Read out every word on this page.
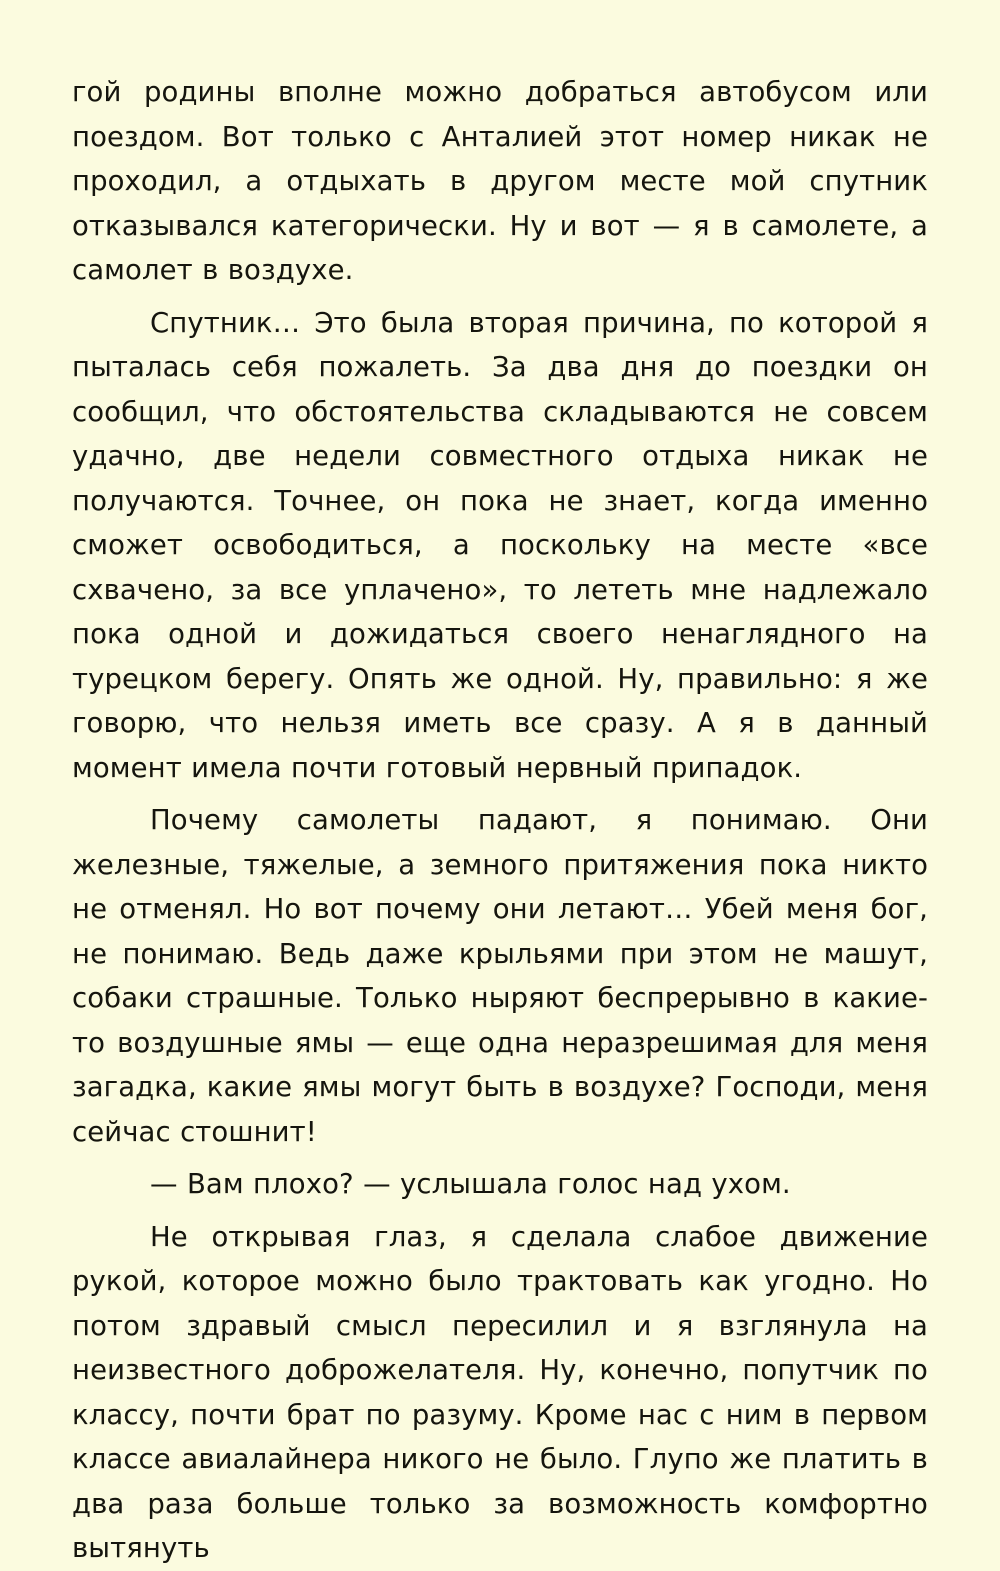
гой родины вполне можно добраться автобусом или поездом. Вот только с Анталией этот номер никак не проходил, а отдыхать в другом месте мой спутник отказывался категорически. Ну и вот — я в самолете, а самолет в воздухе.

Спутник… Это была вторая причина, по которой я пыталась себя пожалеть. За два дня до поездки он сообщил, что обстоятельства складываются не совсем удачно, две недели совместного отдыха никак не получаются. Точнее, он пока не знает, когда именно сможет освободиться, а поскольку на месте «все схвачено, за все уплачено», то лететь мне надлежало пока одной и дожидаться своего ненаглядного на турецком берегу. Опять же одной. Ну, правильно: я же говорю, что нельзя иметь все сразу. А я в данный момент имела почти готовый нервный припадок.

Почему самолеты падают, я понимаю. Они железные, тяжелые, а земного притяжения пока никто не отменял. Но вот почему они летают… Убей меня бог, не понимаю. Ведь даже крыльями при этом не машут, собаки страшные. Только ныряют беспрерывно в какие-то воздушные ямы — еще одна неразрешимая для меня загадка, какие ямы могут быть в воздухе? Господи, меня сейчас стошнит!

— Вам плохо? — услышала голос над ухом.

Не открывая глаз, я сделала слабое движение рукой, которое можно было трактовать как угодно. Но потом здравый смысл пересилил и я взглянула на неизвестного доброжелателя. Ну, конечно, попутчик по классу, почти брат по разуму. Кроме нас с ним в первом классе авиалайнера никого не было. Глупо же платить в два раза больше только за возможность комфортно вытянуть
